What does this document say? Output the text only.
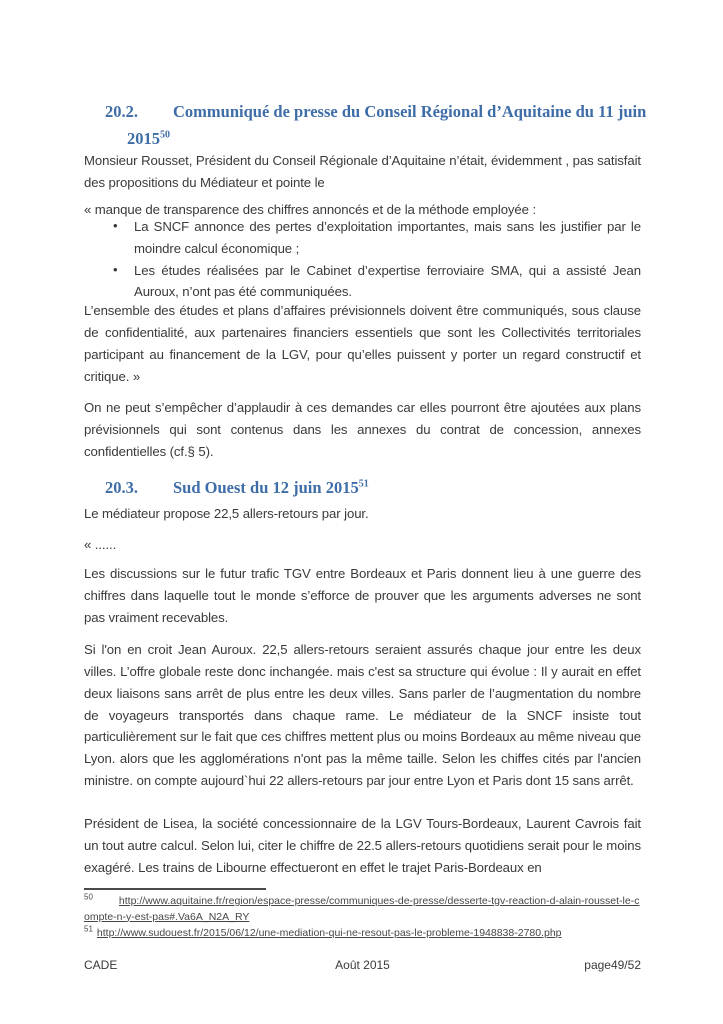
20.2. Communiqué de presse du Conseil Régional d’Aquitaine du 11 juin 2015$^{50}$

Monsieur Rousset, Président du Conseil Régionale d’Aquitaine n’était, évidemment , pas satisfait des propositions du Médiateur et pointe le

« manque de transparence des chiffres annoncés et de la méthode employée :

• La SNCF annonce des pertes d’exploitation importantes, mais sans les justifier par le moindre calcul économique ;
• Les études réalisées par le Cabinet d’expertise ferroviaire SMA, qui a assisté Jean Auroux, n’ont pas été communiquées.

L’ensemble des études et plans d’affaires prévisionnels doivent être communiqués, sous clause de confidentialité, aux partenaires financiers essentiels que sont les Collectivités territoriales participant au financement de la LGV, pour qu’elles puissent y porter un regard constructif et critique. »

On ne peut s’empêcher d’applaudir à ces demandes car elles pourront être ajoutées aux plans prévisionnels qui sont contenus dans les annexes du contrat de concession, annexes confidentielles (cf.§ 5).

20.3. Sud Ouest du 12 juin 2015$^{51}$

Le médiateur propose 22,5 allers-retours par jour.

« ......

Les discussions sur le futur trafic TGV entre Bordeaux et Paris donnent lieu à une guerre des chiffres dans laquelle tout le monde s’efforce de prouver que les arguments adverses ne sont pas vraiment recevables.

Si l'on en croit Jean Auroux. 22,5 allers-retours seraient assurés chaque jour entre les deux villes. L’offre globale reste donc inchangée. mais c'est sa structure qui évolue : Il y aurait en effet deux liaisons sans arrêt de plus entre les deux villes. Sans parler de l’augmentation du nombre de voyageurs transportés dans chaque rame. Le médiateur de la SNCF insiste tout particulièrement sur le fait que ces chiffres mettent plus ou moins Bordeaux au même niveau que Lyon. alors que les agglomérations n'ont pas la même taille. Selon les chiffes cités par l'ancien ministre. on compte aujourd`hui 22 allers-retours par jour entre Lyon et Paris dont 15 sans arrêt.

Président de Lisea, la société concessionnaire de la LGV Tours-Bordeaux, Laurent Cavrois fait un tout autre calcul. Selon lui, citer le chiffre de 22.5 allers-retours quotidiens serait pour le moins exagéré. Les trains de Libourne effectueront en effet le trajet Paris-Bordeaux en

$^{50}$ http://www.aquitaine.fr/region/espace-presse/communiques-de-presse/desserte-tgv-reaction-d-alain-rousset-le-compte-n-y-est-pas#.Va6A_N2A_RY
$^{51}$ http://www.sudouest.fr/2015/06/12/une-mediation-qui-ne-resout-pas-le-probleme-1948838-2780.php
Août 2015
CADE	page49/52
